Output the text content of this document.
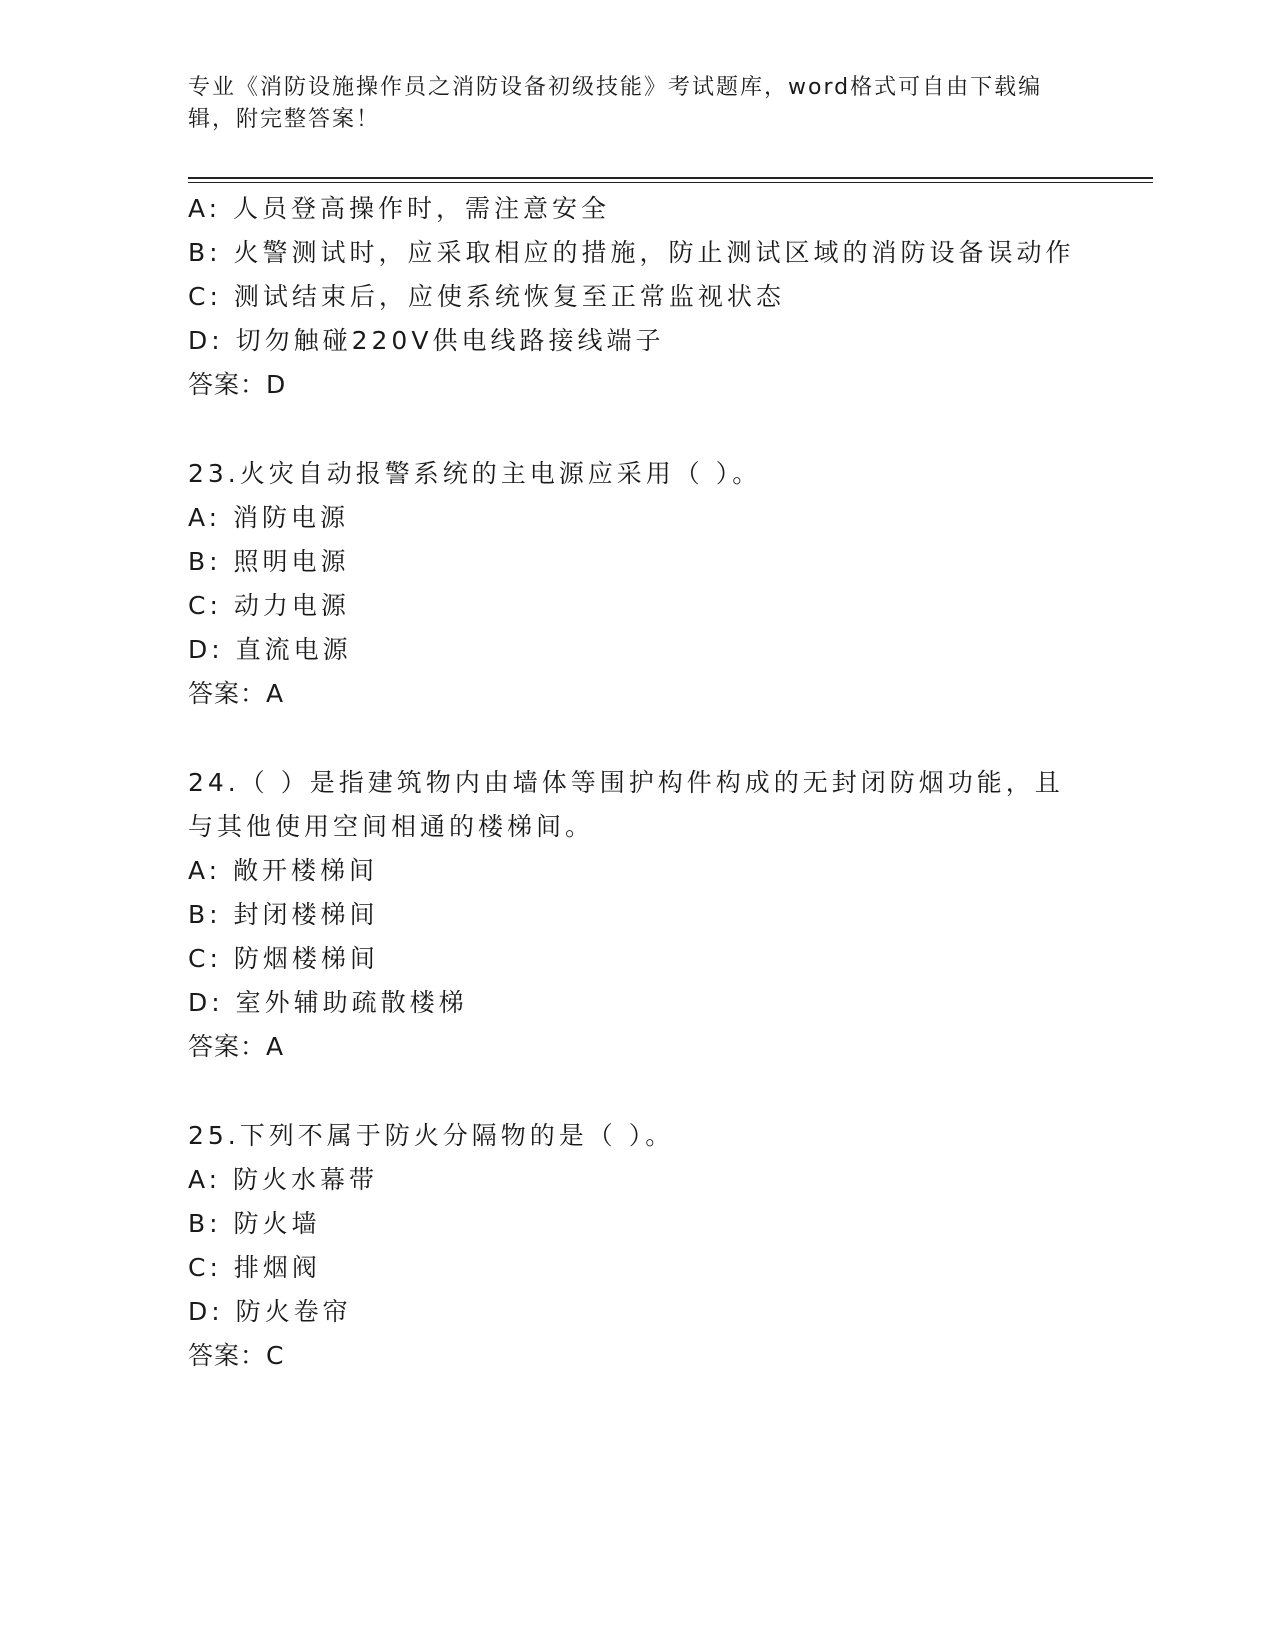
专业《消防设施操作员之消防设备初级技能》考试题库，word格式可自由下载编
辑，附完整答案！
A: 人员登高操作时，需注意安全
B: 火警测试时，应采取相应的措施，防止测试区域的消防设备误动作
C: 测试结束后，应使系统恢复至正常监视状态
D: 切勿触碰220V供电线路接线端子
答案：D
23.火灾自动报警系统的主电源应采用（ ）。
A: 消防电源
B: 照明电源
C: 动力电源
D: 直流电源
答案：A
24.（ ）是指建筑物内由墙体等围护构件构成的无封闭防烟功能，且
与其他使用空间相通的楼梯间。
A: 敞开楼梯间
B: 封闭楼梯间
C: 防烟楼梯间
D: 室外辅助疏散楼梯
答案：A
25.下列不属于防火分隔物的是（ ）。
A: 防火水幕带
B: 防火墙
C: 排烟阀
D: 防火卷帘
答案：C
